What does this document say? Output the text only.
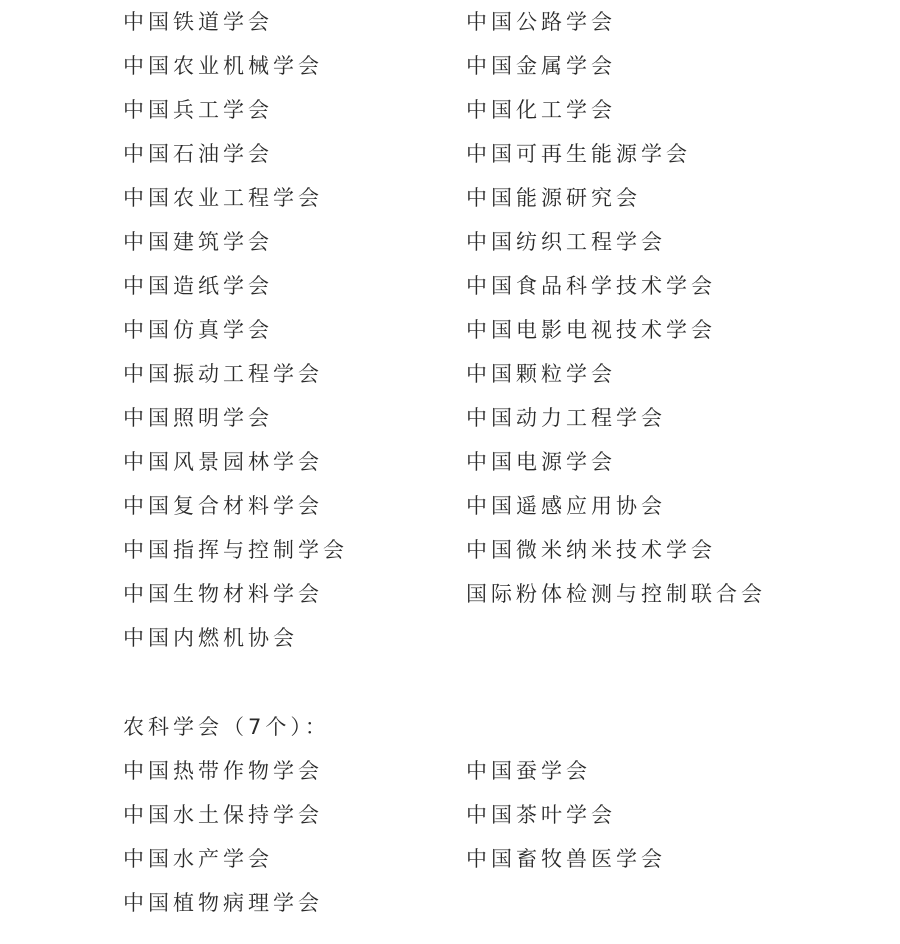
中国铁道学会	中国公路学会
中国农业机械学会	中国金属学会
中国兵工学会	中国化工学会
中国石油学会	中国可再生能源学会
中国农业工程学会	中国能源研究会
中国建筑学会	中国纺织工程学会
中国造纸学会	中国食品科学技术学会
中国仿真学会	中国电影电视技术学会
中国振动工程学会	中国颗粒学会
中国照明学会	中国动力工程学会
中国风景园林学会	中国电源学会
中国复合材料学会	中国遥感应用协会
中国指挥与控制学会	中国微米纳米技术学会
中国生物材料学会	国际粉体检测与控制联合会
中国内燃机协会
农科学会（7个）：
中国热带作物学会	中国蚕学会
中国水土保持学会	中国茶叶学会
中国水产学会	中国畜牧兽医学会
中国植物病理学会
